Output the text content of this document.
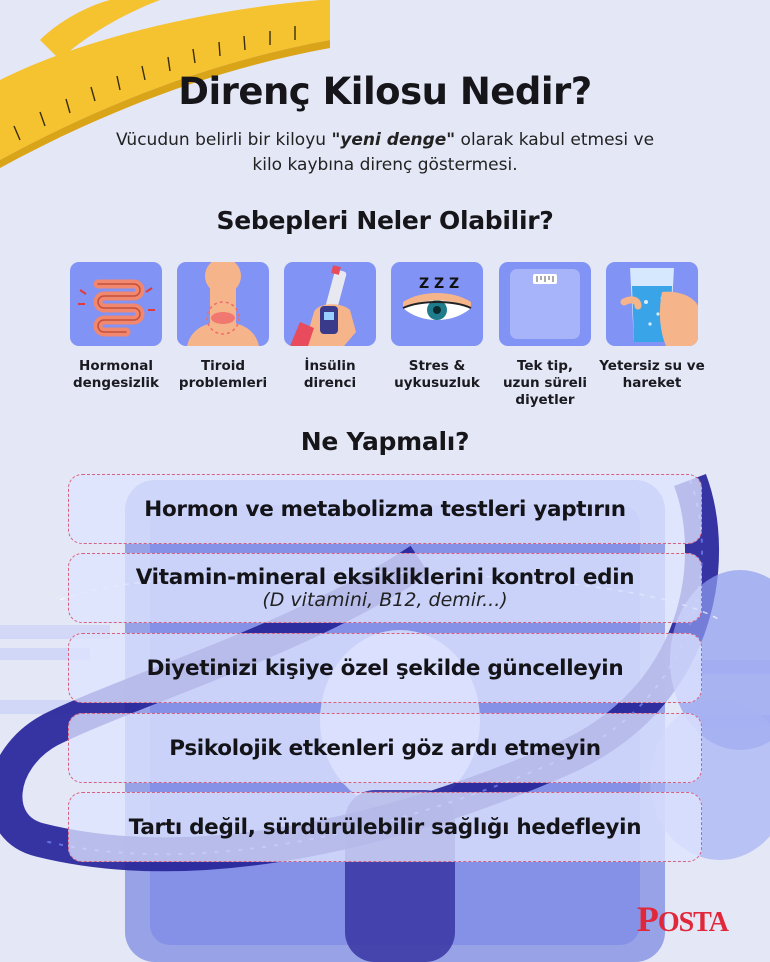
Direnç Kilosu Nedir?

Vücudun belirli bir kiloyu "yeni denge" olarak kabul etmesi ve
kilo kaybına direnç göstermesi.

Sebepleri Neler Olabilir?
Hormonal
dengesizlik
Tiroid
problemleri
İnsülin
direnci
Z Z Z
Stres &
uykusuzluk
Tek tip,
uzun süreli
diyetler
Yetersiz su ve
hareket
Ne Yapmalı?
Hormon ve metabolizma testleri yaptırın
Vitamin-mineral eksikliklerini kontrol edin
(D vitamini, B12, demir...)
Diyetinizi kişiye özel şekilde güncelleyin
Psikolojik etkenleri göz ardı etmeyin
Tartı değil, sürdürülebilir sağlığı hedefleyin
POSTA
